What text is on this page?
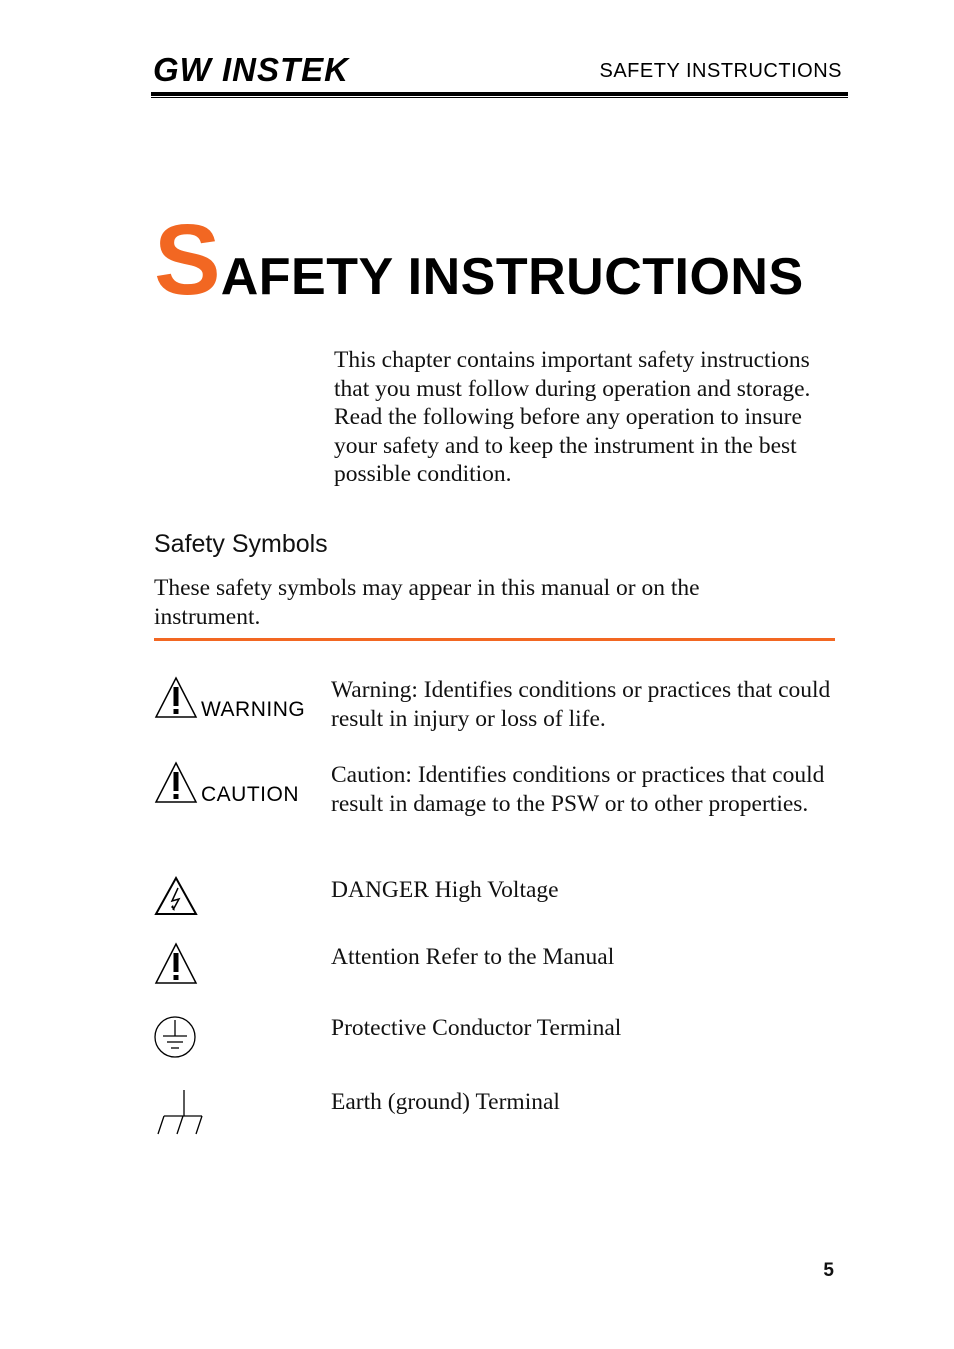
GW INSTEK	SAFETY INSTRUCTIONS
SAFETY INSTRUCTIONS
This chapter contains important safety instructions that you must follow during operation and storage. Read the following before any operation to insure your safety and to keep the instrument in the best possible condition.
Safety Symbols
These safety symbols may appear in this manual or on the instrument.
WARNING
Warning: Identifies conditions or practices that could result in injury or loss of life.
CAUTION
Caution: Identifies conditions or practices that could result in damage to the PSW or to other properties.
DANGER High Voltage
Attention Refer to the Manual
Protective Conductor Terminal
Earth (ground) Terminal
5
